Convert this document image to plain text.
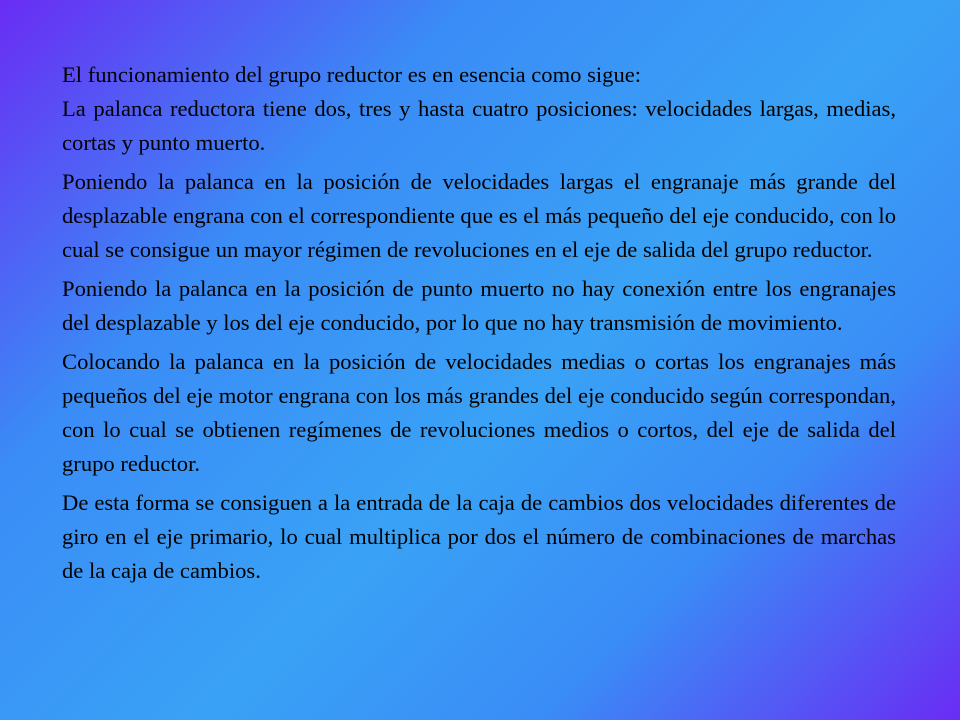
El funcionamiento del grupo reductor es en esencia como sigue:

La palanca reductora tiene dos, tres y hasta cuatro posiciones: velocidades largas, medias, cortas y punto muerto.

Poniendo la palanca en la posición de velocidades largas el engranaje más grande del desplazable engrana con el correspondiente que es el más pequeño del eje conducido, con lo cual se consigue un mayor régimen de revoluciones en el eje de salida del grupo reductor.

Poniendo la palanca en la posición de punto muerto no hay conexión entre los engranajes del desplazable y los del eje conducido, por lo que no hay transmisión de movimiento.

Colocando la palanca en la posición de velocidades medias o cortas los engranajes más pequeños del eje motor engrana con los más grandes del eje conducido según correspondan, con lo cual se obtienen regímenes de revoluciones medios o cortos, del eje de salida del grupo reductor.

De esta forma se consiguen a la entrada de la caja de cambios dos velocidades diferentes de giro en el eje primario, lo cual multiplica por dos el número de combinaciones de marchas de la caja de cambios.
